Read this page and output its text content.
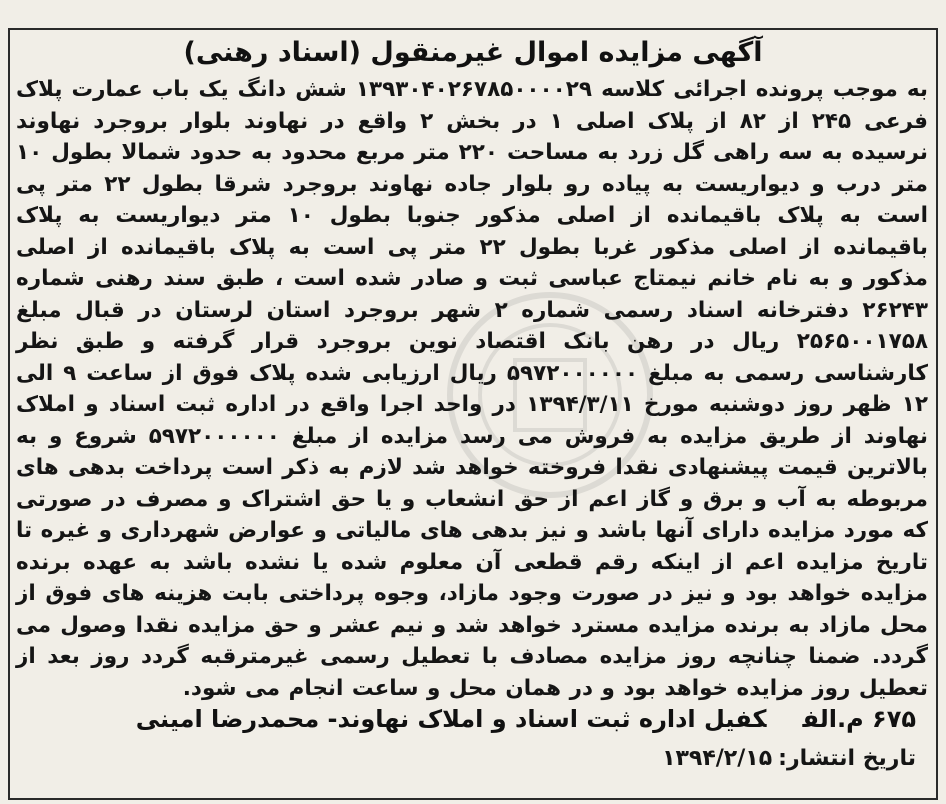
آگهی مزایده اموال غیرمنقول (اسناد رهنی)
به موجب پرونده اجرائی کلاسه ۱۳۹۳۰۴۰۲۶۷۸۵۰۰۰۰۲۹ شش دانگ یک باب عمارت پلاک فرعی ۲۴۵ از ۸۲ از پلاک اصلی ۱ در بخش ۲ واقع در نهاوند بلوار بروجرد نهاوند نرسیده به سه راهی گل زرد به مساحت ۲۲۰ متر مربع محدود به حدود شمالا بطول ۱۰ متر درب و دیواریست به پیاده رو بلوار جاده نهاوند بروجرد شرقا بطول ۲۲ متر پی است به پلاک باقیمانده از اصلی مذکور جنوبا بطول ۱۰ متر دیواریست به پلاک باقیمانده از اصلی مذکور غربا بطول ۲۲ متر پی است به پلاک باقیمانده از اصلی مذکور و به نام خانم نیمتاج عباسی ثبت و صادر شده است ، طبق سند رهنی شماره ۲۶۲۴۳ دفترخانه اسناد رسمی شماره ۲ شهر بروجرد استان لرستان در قبال مبلغ ۲۵۶۵۰۰۱۷۵۸ ریال در رهن بانک اقتصاد نوین بروجرد قرار گرفته و طبق نظر کارشناسی رسمی به مبلغ ۵۹۷۲۰۰۰۰۰۰ ریال ارزیابی شده پلاک فوق از ساعت ۹ الی ۱۲ ظهر روز دوشنبه مورخ ۱۳۹۴/۳/۱۱ در واحد اجرا واقع در اداره ثبت اسناد و املاک نهاوند از طریق مزایده به فروش می رسد مزایده از مبلغ ۵۹۷۲۰۰۰۰۰۰ شروع و به بالاترین قیمت پیشنهادی نقدا فروخته خواهد شد لازم به ذکر است پرداخت بدهی های مربوطه به آب و برق و گاز اعم از حق انشعاب و یا حق اشتراک و مصرف در صورتی که مورد مزایده دارای آنها باشد و نیز بدهی های مالیاتی و عوارض شهرداری و غیره تا تاریخ مزایده اعم از اینکه رقم قطعی آن معلوم شده یا نشده باشد به عهده برنده مزایده خواهد بود و نیز در صورت وجود مازاد، وجوه پرداختی بابت هزینه های فوق از محل مازاد به برنده مزایده مسترد خواهد شد و نیم عشر و حق مزایده نقدا وصول می گردد. ضمنا چنانچه روز مزایده مصادف با تعطیل رسمی غیرمترقبه گردد روز بعد از تعطیل روز مزایده خواهد بود و در همان محل و ساعت انجام می شود.
۶۷۵ م.الفکفیل اداره ثبت اسناد و املاک نهاوند- محمدرضا امینی
تاریخ انتشار:۱۳۹۴/۲/۱۵
